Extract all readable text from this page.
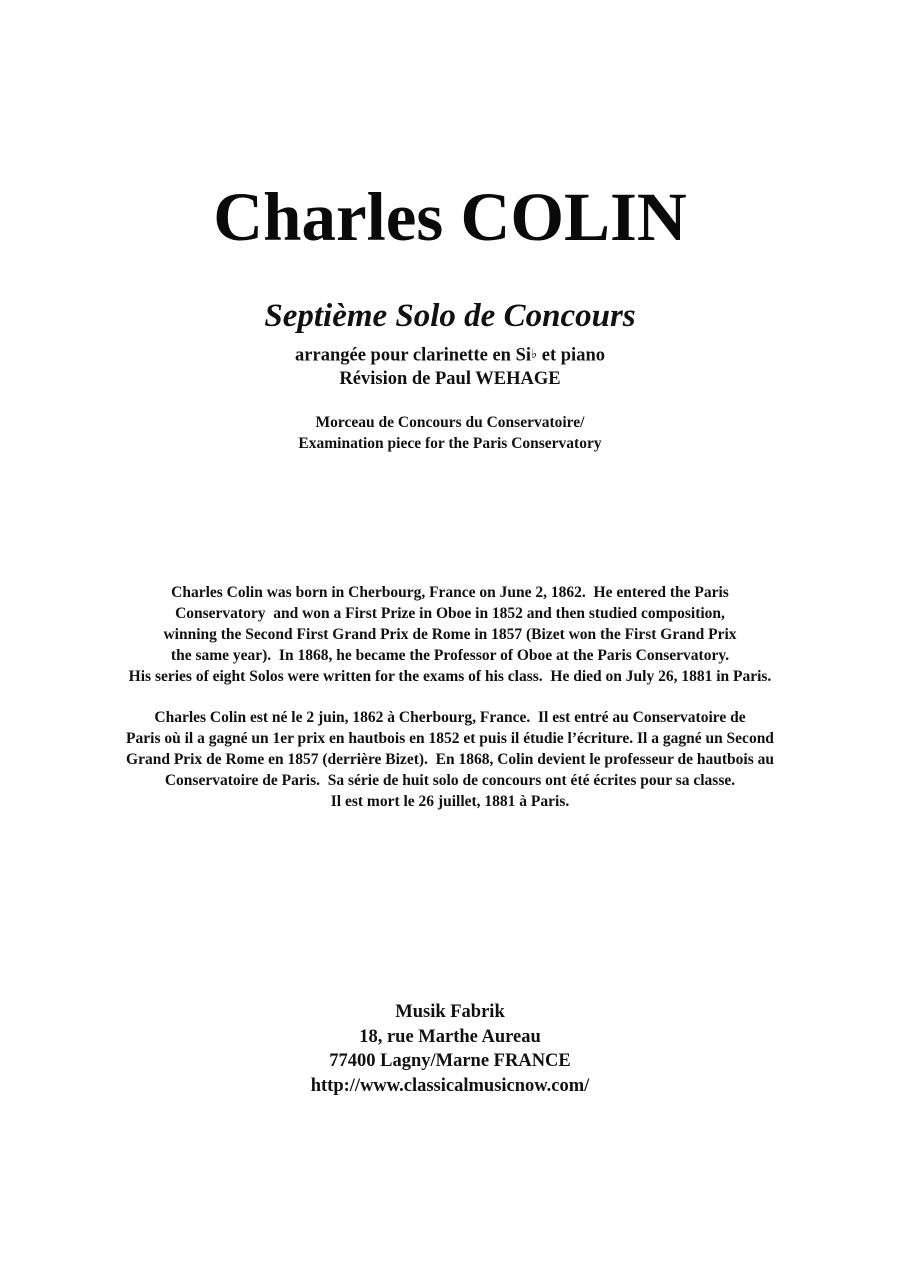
Charles COLIN
Septième Solo de Concours
arrangée pour clarinette en Si♭ et piano
Révision de Paul WEHAGE
Morceau de Concours du Conservatoire/
Examination piece for the Paris Conservatory
Charles Colin was born in Cherbourg, France on June 2, 1862.  He entered the Paris
Conservatory  and won a First Prize in Oboe in 1852 and then studied composition,
winning the Second First Grand Prix de Rome in 1857 (Bizet won the First Grand Prix
the same year).  In 1868, he became the Professor of Oboe at the Paris Conservatory.
His series of eight Solos were written for the exams of his class.  He died on July 26, 1881 in Paris.
Charles Colin est né le 2 juin, 1862 à Cherbourg, France.  Il est entré au Conservatoire de
Paris où il a gagné un 1er prix en hautbois en 1852 et puis il étudie l’écriture. Il a gagné un Second
Grand Prix de Rome en 1857 (derrière Bizet).  En 1868, Colin devient le professeur de hautbois au
Conservatoire de Paris.  Sa série de huit solo de concours ont été écrites pour sa classe.
Il est mort le 26 juillet, 1881 à Paris.
Musik Fabrik
18, rue Marthe Aureau
77400 Lagny/Marne FRANCE
http://www.classicalmusicnow.com/
